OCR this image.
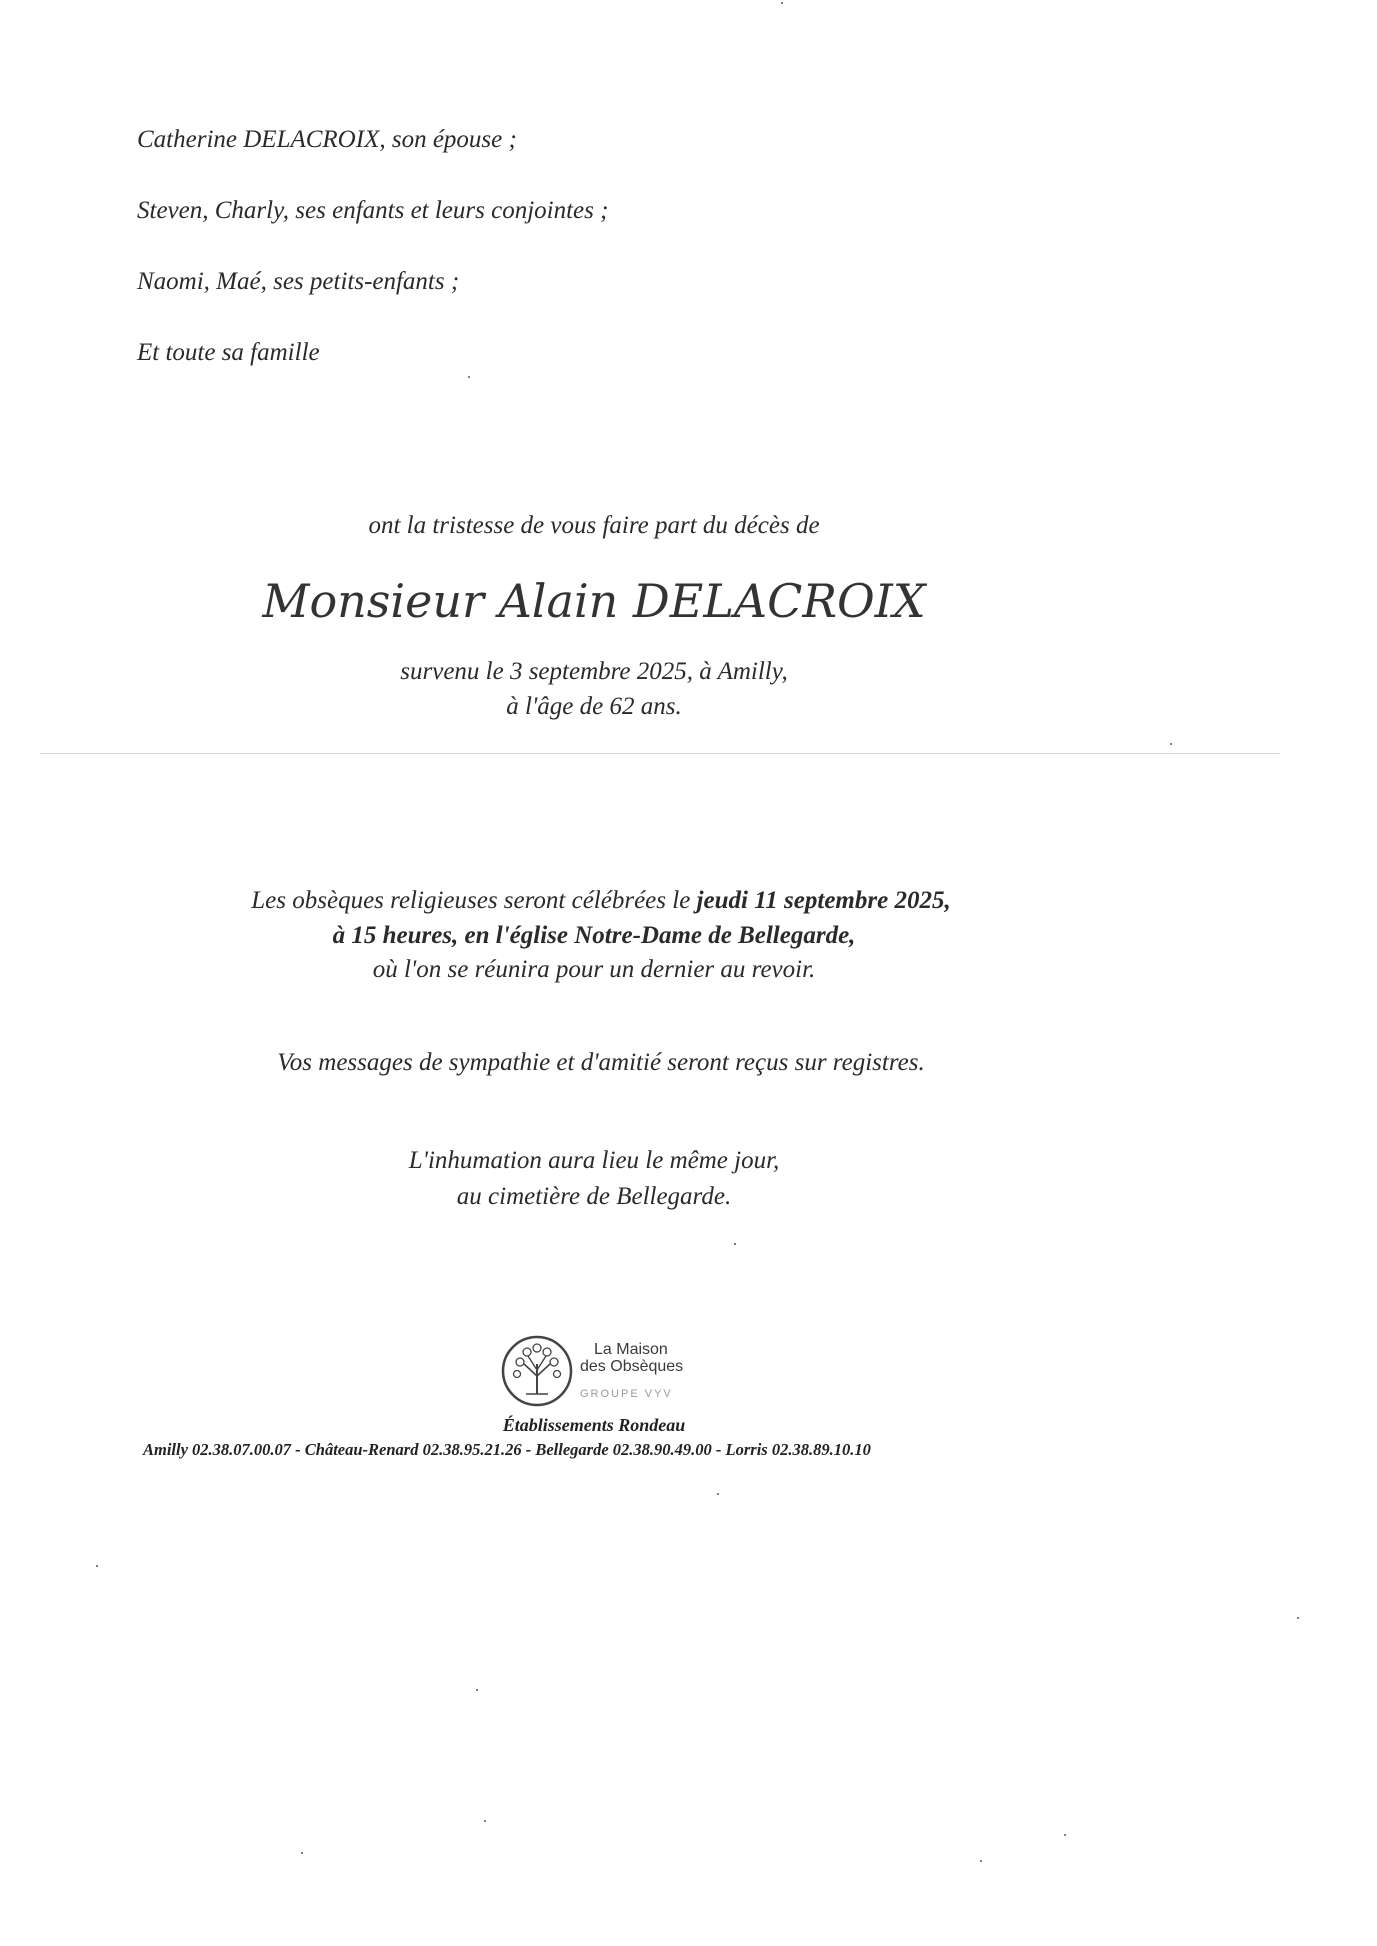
Catherine DELACROIX, son épouse ;
Steven, Charly, ses enfants et leurs conjointes ;
Naomi, Maé, ses petits-enfants ;
Et toute sa famille
ont la tristesse de vous faire part du décès de
Monsieur Alain DELACROIX
survenu le 3 septembre 2025, à Amilly,
à l'âge de 62 ans.
Les obsèques religieuses seront célébrées le jeudi 11 septembre 2025,
à 15 heures, en l'église Notre-Dame de Bellegarde,
où l'on se réunira pour un dernier au revoir.
Vos messages de sympathie et d'amitié seront reçus sur registres.
L'inhumation aura lieu le même jour,
au cimetière de Bellegarde.
La Maison
des Obsèques
GROUPE VYV
Établissements Rondeau
Amilly 02.38.07.00.07 - Château-Renard 02.38.95.21.26 - Bellegarde 02.38.90.49.00 - Lorris 02.38.89.10.10
